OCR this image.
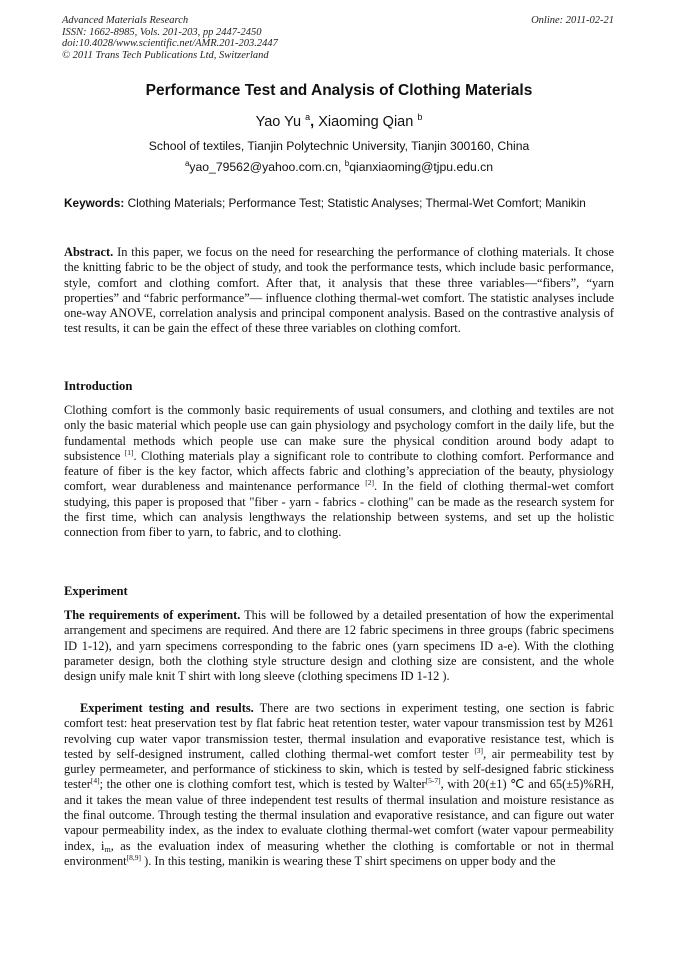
Advanced Materials Research
ISSN: 1662-8985, Vols. 201-203, pp 2447-2450
doi:10.4028/www.scientific.net/AMR.201-203.2447
© 2011 Trans Tech Publications Ltd, Switzerland
Online: 2011-02-21
Performance Test and Analysis of Clothing Materials
Yao Yu $^a$, Xiaoming Qian $^b$
School of textiles, Tianjin Polytechnic University, Tianjin 300160, China
$^a$yao_79562@yahoo.com.cn, $^b$qianxiaoming@tjpu.edu.cn
Keywords: Clothing Materials; Performance Test; Statistic Analyses; Thermal-Wet Comfort; Manikin
Abstract. In this paper, we focus on the need for researching the performance of clothing materials. It chose the knitting fabric to be the object of study, and took the performance tests, which include basic performance, style, comfort and clothing comfort. After that, it analysis that these three variables—“fibers”, “yarn properties” and “fabric performance”— influence clothing thermal-wet comfort. The statistic analyses include one-way ANOVE, correlation analysis and principal component analysis. Based on the contrastive analysis of test results, it can be gain the effect of these three variables on clothing comfort.
Introduction
Clothing comfort is the commonly basic requirements of usual consumers, and clothing and textiles are not only the basic material which people use can gain physiology and psychology comfort in the daily life, but the fundamental methods which people use can make sure the physical condition around body adapt to subsistence [1]. Clothing materials play a significant role to contribute to clothing comfort. Performance and feature of fiber is the key factor, which affects fabric and clothing’s appreciation of the beauty, physiology comfort, wear durableness and maintenance performance [2]. In the field of clothing thermal-wet comfort studying, this paper is proposed that "fiber - yarn - fabrics - clothing" can be made as the research system for the first time, which can analysis lengthways the relationship between systems, and set up the holistic connection from fiber to yarn, to fabric, and to clothing.
Experiment
The requirements of experiment. This will be followed by a detailed presentation of how the experimental arrangement and specimens are required. And there are 12 fabric specimens in three groups (fabric specimens ID 1-12), and yarn specimens corresponding to the fabric ones (yarn specimens ID a-e). With the clothing parameter design, both the clothing style structure design and clothing size are consistent, and the whole design unify male knit T shirt with long sleeve (clothing specimens ID 1-12 ).
Experiment testing and results. There are two sections in experiment testing, one section is fabric comfort test: heat preservation test by flat fabric heat retention tester, water vapour transmission test by M261 revolving cup water vapor transmission tester, thermal insulation and evaporative resistance test, which is tested by self-designed instrument, called clothing thermal-wet comfort tester [3], air permeability test by gurley permeameter, and performance of stickiness to skin, which is tested by self-designed fabric stickiness tester[4]; the other one is clothing comfort test, which is tested by Walter[5-7], with 20(±1) ℃ and 65(±5)%RH, and it takes the mean value of three independent test results of thermal insulation and moisture resistance as the final outcome. Through testing the thermal insulation and evaporative resistance, and can figure out water vapour permeability index, as the index to evaluate clothing thermal-wet comfort (water vapour permeability index, $i_m$, as the evaluation index of measuring whether the clothing is comfortable or not in thermal environment[8,9] ). In this testing, manikin is wearing these T shirt specimens on upper body and the
